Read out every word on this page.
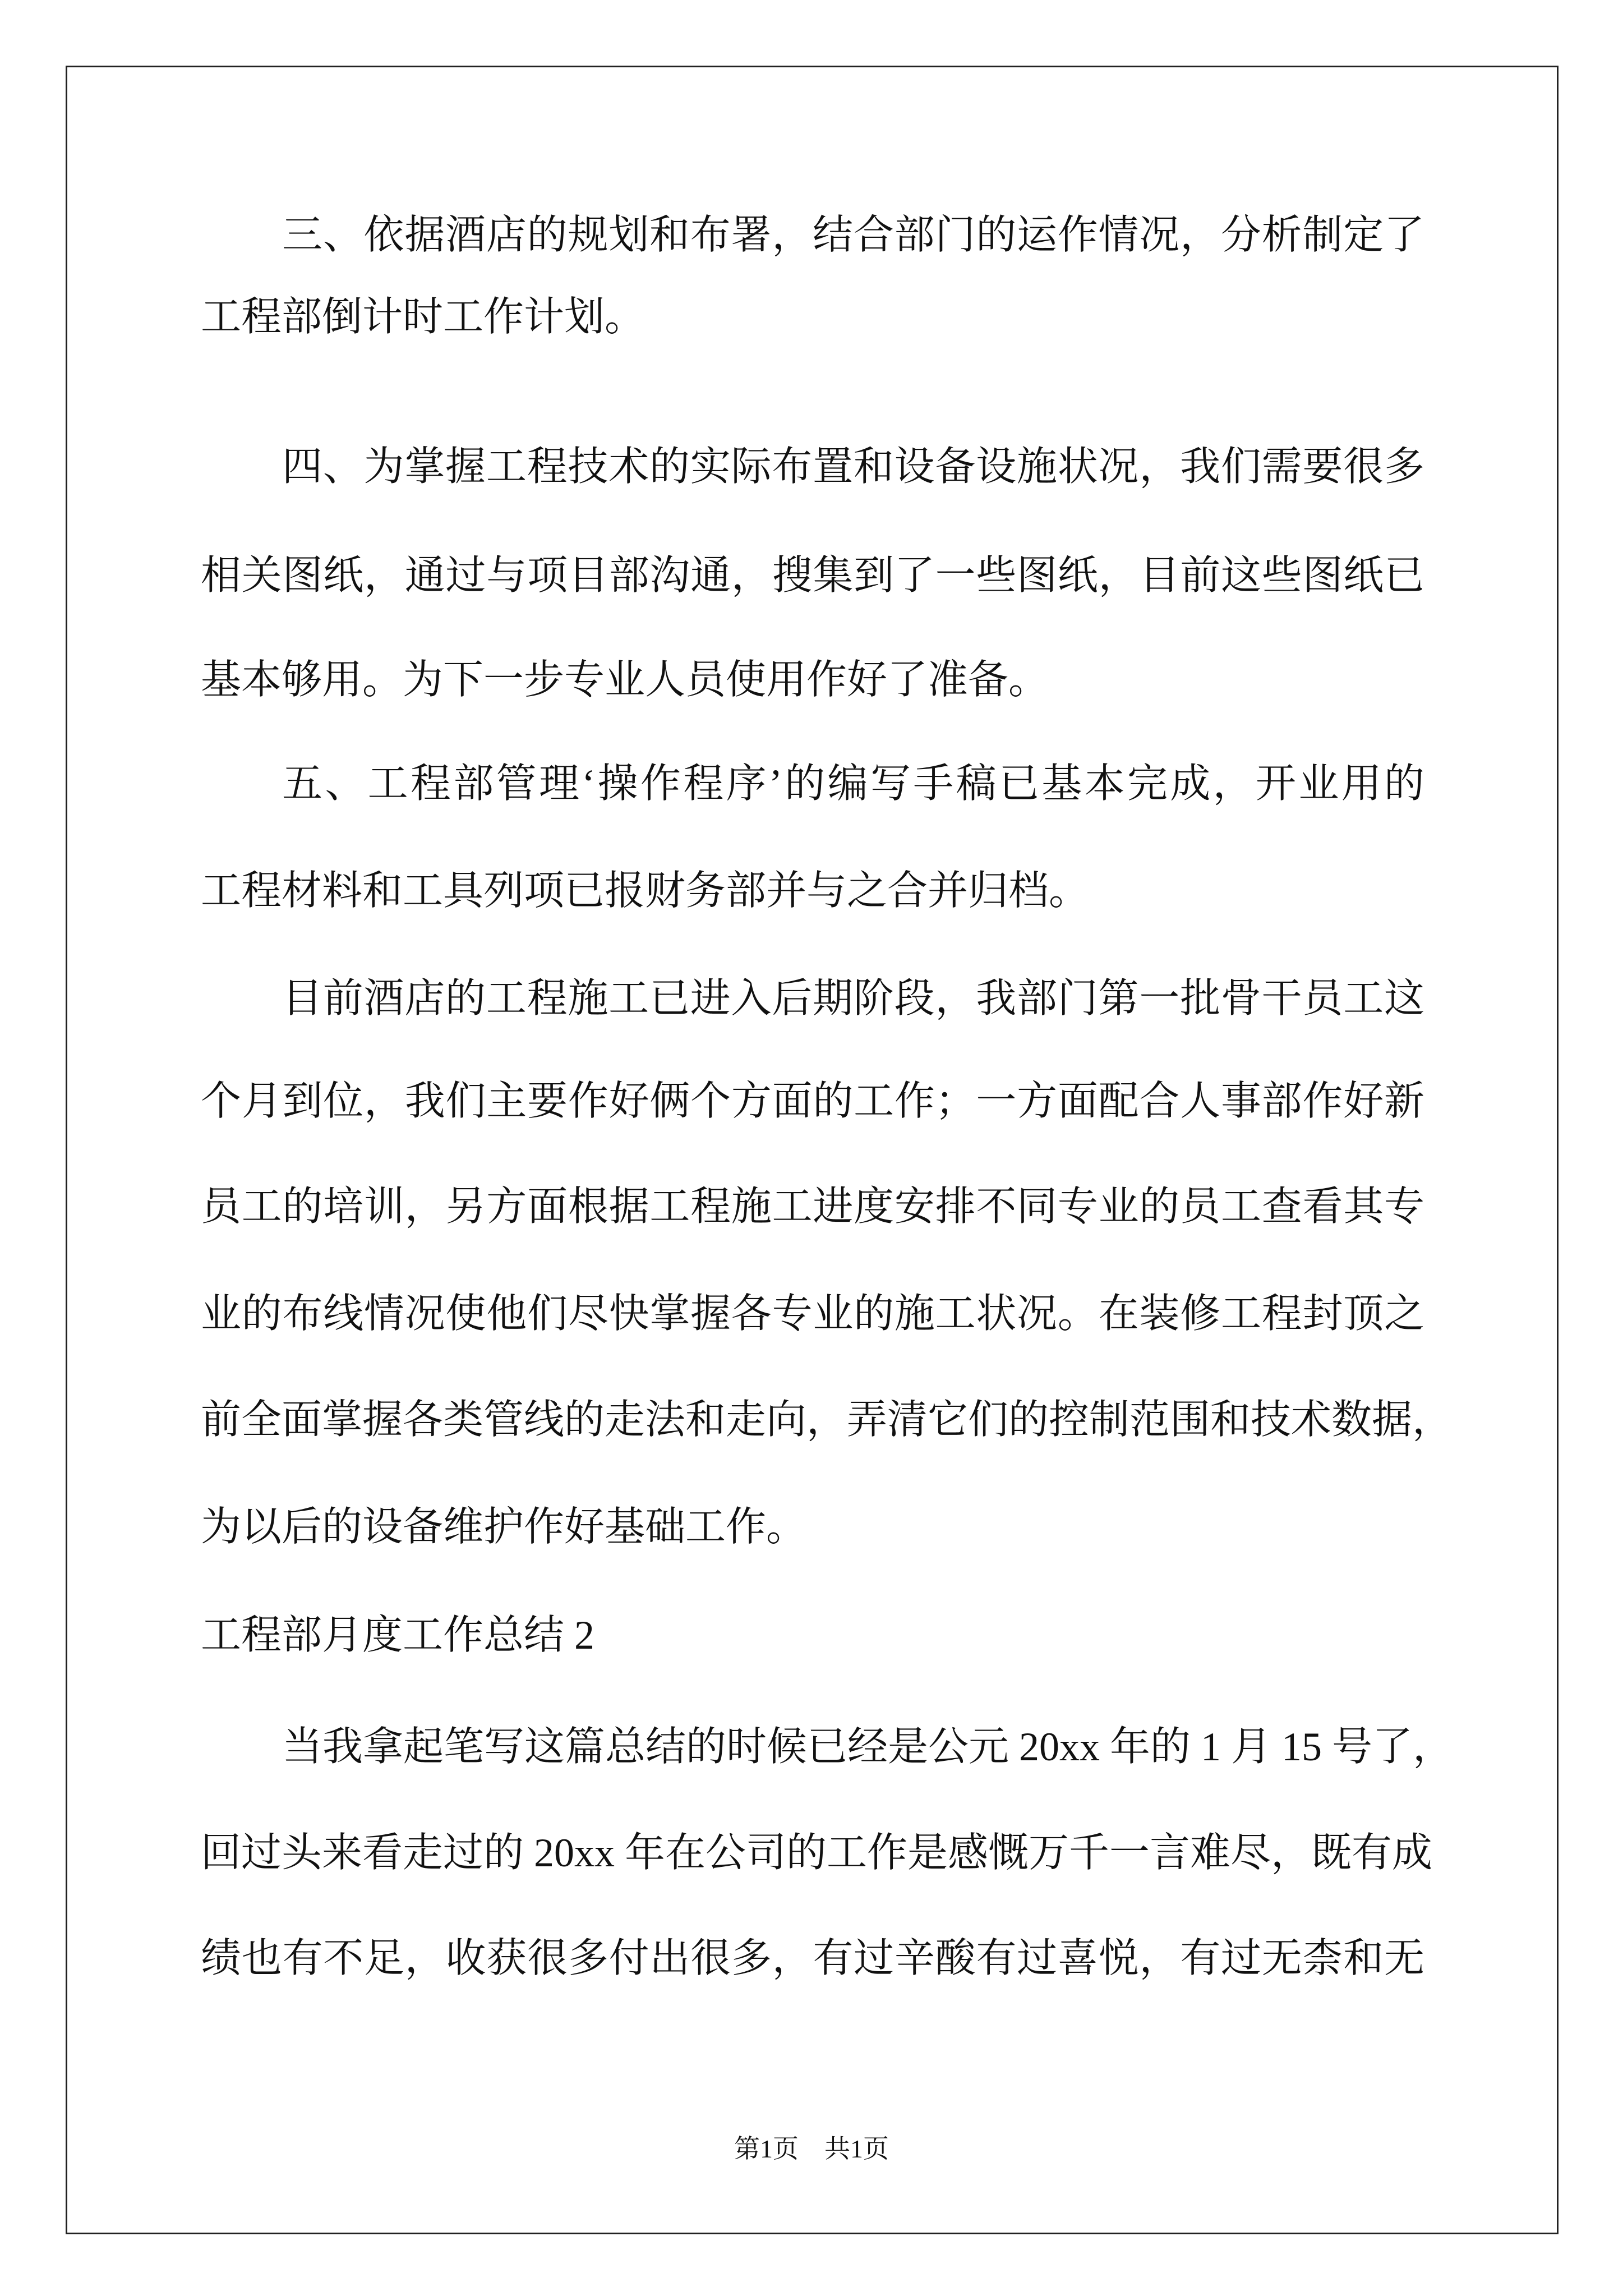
三、依据酒店的规划和布署，结合部门的运作情况，分析制定了
工程部倒计时工作计划。
四、为掌握工程技术的实际布置和设备设施状况，我们需要很多
相关图纸，通过与项目部沟通，搜集到了一些图纸，目前这些图纸已
基本够用。为下一步专业人员使用作好了准备。
五、工程部管理‘操作程序’的编写手稿已基本完成，开业用的
工程材料和工具列项已报财务部并与之合并归档。
目前酒店的工程施工已进入后期阶段，我部门第一批骨干员工这
个月到位，我们主要作好俩个方面的工作；一方面配合人事部作好新
员工的培训，另方面根据工程施工进度安排不同专业的员工查看其专
业的布线情况使他们尽快掌握各专业的施工状况。在装修工程封顶之
前全面掌握各类管线的走法和走向，弄清它们的控制范围和技术数据，
为以后的设备维护作好基础工作。
工程部月度工作总结 2
当我拿起笔写这篇总结的时候已经是公元 20xx 年的 1 月 15 号了，
回过头来看走过的 20xx 年在公司的工作是感慨万千一言难尽，既有成
绩也有不足，收获很多付出很多，有过辛酸有过喜悦，有过无柰和无
第1页　共1页
